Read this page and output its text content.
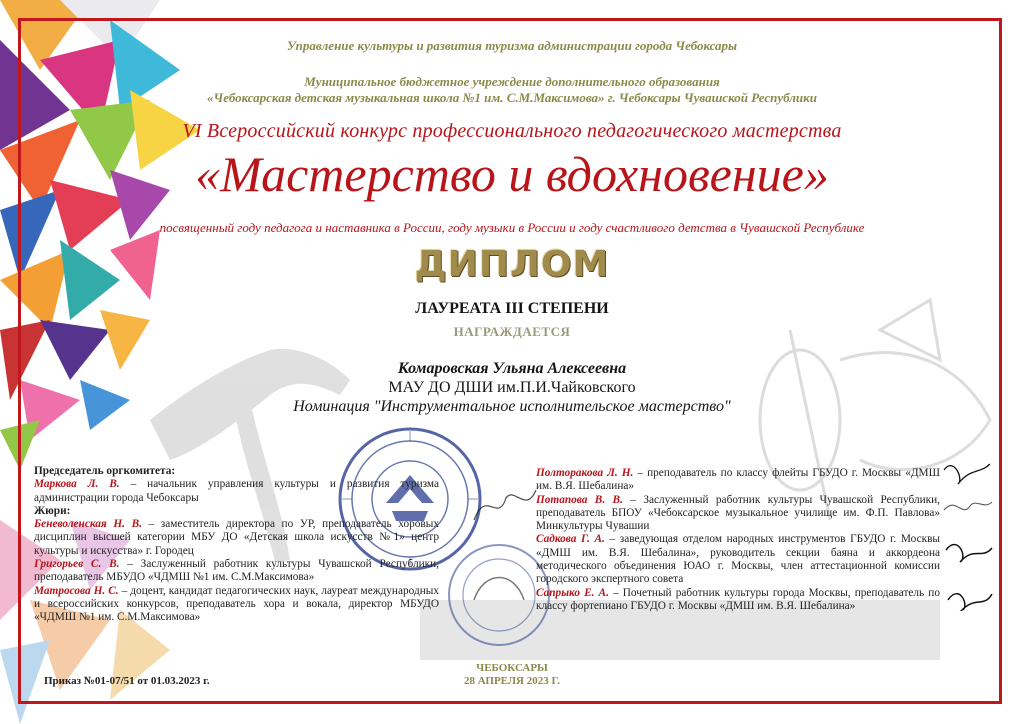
Управление культуры и развития туризма администрации города Чебоксары
Муниципальное бюджетное учреждение дополнительного образования
«Чебоксарская детская музыкальная школа №1 им. С.М.Максимова» г. Чебоксары Чувашской Республики
VI Всероссийский конкурс профессионального педагогического мастерства
«Мастерство и вдохновение»
посвященный году педагога и наставника в России, году музыки в России и году счастливого детства в Чувашской Республике
ДИПЛОМ
ЛАУРЕАТА III СТЕПЕНИ
НАГРАЖДАЕТСЯ
Комаровская Ульяна Алексеевна
МАУ ДО ДШИ им.П.И.Чайковского
Номинация "Инструментальное исполнительское мастерство"

Председатель оргкомитета:

Маркова Л. В. – начальник управления культуры и развития туризма администрации города Чебоксары

Жюри:

Беневоленская Н. В. – заместитель директора по УР, преподаватель хоровых дисциплин высшей категории МБУ ДО «Детская школа искусств №1» центр культуры и искусства» г. Городец

Григорьев С. В. – Заслуженный работник культуры Чувашской Республики, преподаватель МБУДО «ЧДМШ №1 им. С.М.Максимова»

Матросова Н. С. – доцент, кандидат педагогических наук, лауреат международных и всероссийских конкурсов, преподаватель хора и вокала, директор МБУДО «ЧДМШ №1 им. С.М.Максимова»

Полторакова Л. Н. – преподаватель по классу флейты ГБУДО г. Москвы «ДМШ им. В.Я. Шебалина»

Потапова В. В. – Заслуженный работник культуры Чувашской Республики, преподаватель БПОУ «Чебоксарское музыкальное училище им. Ф.П. Павлова» Минкультуры Чувашии

Садкова Г. А. – заведующая отделом народных инструментов ГБУДО г. Москвы «ДМШ им. В.Я. Шебалина», руководитель секции баяна и аккордеона методического объединения ЮАО г. Москвы, член аттестационной комиссии городского экспертного совета

Сапрыко Е. А. – Почетный работник культуры города Москвы, преподаватель по классу фортепиано ГБУДО г. Москвы «ДМШ им. В.Я. Шебалина»

Приказ №01-07/51 от 01.03.2023 г.
ЧЕБОКСАРЫ
28 АПРЕЛЯ 2023 Г.
